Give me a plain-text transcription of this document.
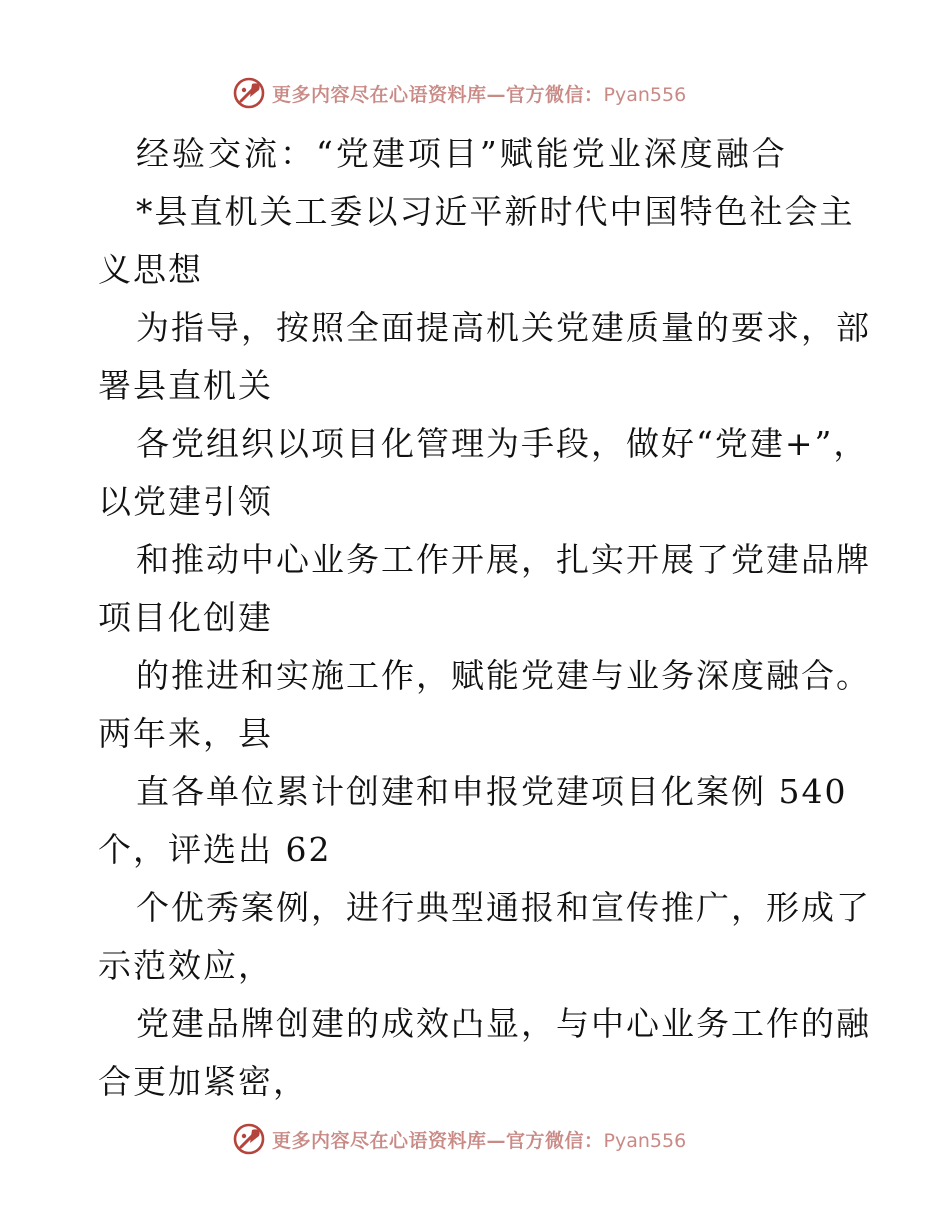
更多内容尽在心语资料库—官方微信：Pyan556
经验交流：“党建项目”赋能党业深度融合
*县直机关工委以习近平新时代中国特色社会主
义思想
为指导，按照全面提高机关党建质量的要求，部
署县直机关
各党组织以项目化管理为手段，做好“党建+”，
以党建引领
和推动中心业务工作开展，扎实开展了党建品牌
项目化创建
的推进和实施工作，赋能党建与业务深度融合。
两年来，县
直各单位累计创建和申报党建项目化案例 540
个，评选出 62
个优秀案例，进行典型通报和宣传推广，形成了
示范效应，
党建品牌创建的成效凸显，与中心业务工作的融
合更加紧密，
更多内容尽在心语资料库—官方微信：Pyan556
